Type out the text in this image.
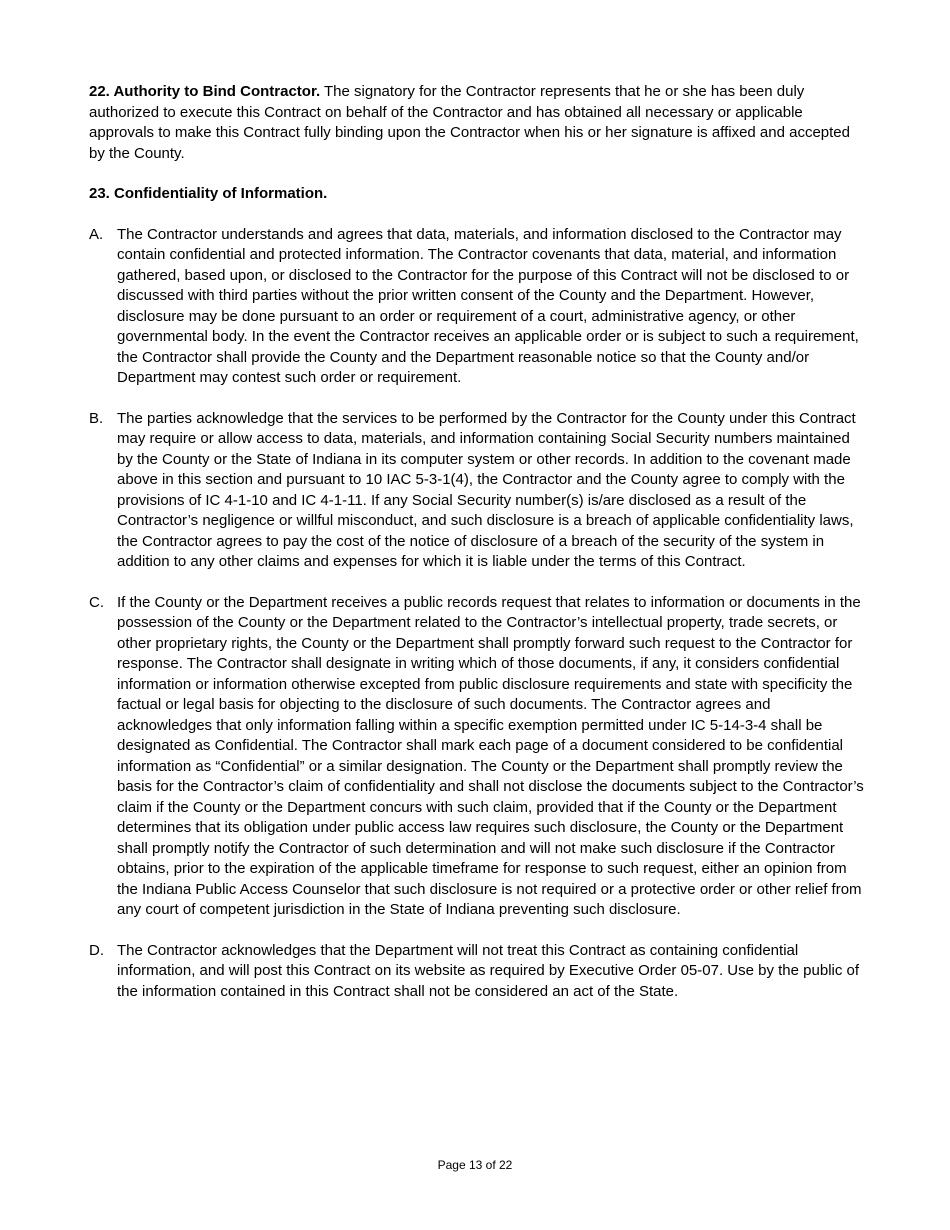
22. Authority to Bind Contractor. The signatory for the Contractor represents that he or she has been duly authorized to execute this Contract on behalf of the Contractor and has obtained all necessary or applicable approvals to make this Contract fully binding upon the Contractor when his or her signature is affixed and accepted by the County.

23. Confidentiality of Information.

A. The Contractor understands and agrees that data, materials, and information disclosed to the Contractor may contain confidential and protected information. The Contractor covenants that data, material, and information gathered, based upon, or disclosed to the Contractor for the purpose of this Contract will not be disclosed to or discussed with third parties without the prior written consent of the County and the Department. However, disclosure may be done pursuant to an order or requirement of a court, administrative agency, or other governmental body. In the event the Contractor receives an applicable order or is subject to such a requirement, the Contractor shall provide the County and the Department reasonable notice so that the County and/or Department may contest such order or requirement.
B. The parties acknowledge that the services to be performed by the Contractor for the County under this Contract may require or allow access to data, materials, and information containing Social Security numbers maintained by the County or the State of Indiana in its computer system or other records. In addition to the covenant made above in this section and pursuant to 10 IAC 5-3-1(4), the Contractor and the County agree to comply with the provisions of IC 4-1-10 and IC 4-1-11. If any Social Security number(s) is/are disclosed as a result of the Contractor’s negligence or willful misconduct, and such disclosure is a breach of applicable confidentiality laws, the Contractor agrees to pay the cost of the notice of disclosure of a breach of the security of the system in addition to any other claims and expenses for which it is liable under the terms of this Contract.
C. If the County or the Department receives a public records request that relates to information or documents in the possession of the County or the Department related to the Contractor’s intellectual property, trade secrets, or other proprietary rights, the County or the Department shall promptly forward such request to the Contractor for response. The Contractor shall designate in writing which of those documents, if any, it considers confidential information or information otherwise excepted from public disclosure requirements and state with specificity the factual or legal basis for objecting to the disclosure of such documents. The Contractor agrees and acknowledges that only information falling within a specific exemption permitted under IC 5-14-3-4 shall be designated as Confidential. The Contractor shall mark each page of a document considered to be confidential information as “Confidential” or a similar designation. The County or the Department shall promptly review the basis for the Contractor’s claim of confidentiality and shall not disclose the documents subject to the Contractor’s claim if the County or the Department concurs with such claim, provided that if the County or the Department determines that its obligation under public access law requires such disclosure, the County or the Department shall promptly notify the Contractor of such determination and will not make such disclosure if the Contractor obtains, prior to the expiration of the applicable timeframe for response to such request, either an opinion from the Indiana Public Access Counselor that such disclosure is not required or a protective order or other relief from any court of competent jurisdiction in the State of Indiana preventing such disclosure.
D. The Contractor acknowledges that the Department will not treat this Contract as containing confidential information, and will post this Contract on its website as required by Executive Order 05-07. Use by the public of the information contained in this Contract shall not be considered an act of the State.
Page 13 of 22
